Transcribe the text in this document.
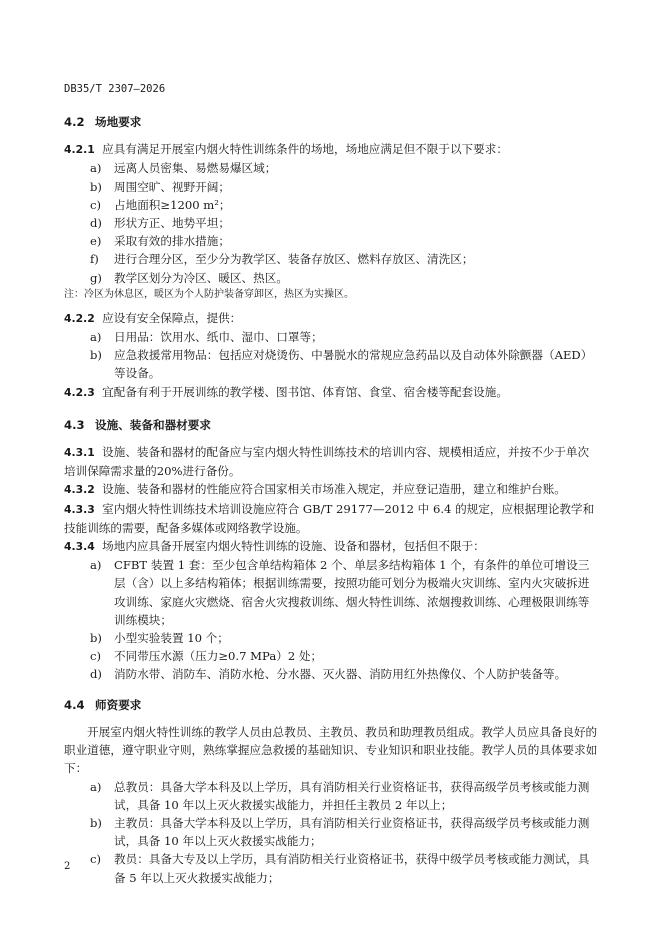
DB35/T 2307—2026
4.2 场地要求
4.2.1 应具有满足开展室内烟火特性训练条件的场地，场地应满足但不限于以下要求：
a)	远离人员密集、易燃易爆区域；
b)	周围空旷、视野开阔；
c)	占地面积≥1200 m²；
d)	形状方正、地势平坦；
e)	采取有效的排水措施；
f)	进行合理分区，至少分为教学区、装备存放区、燃料存放区、清洗区；
g)	教学区划分为冷区、暖区、热区。
注：冷区为休息区，暖区为个人防护装备穿卸区，热区为实操区。
4.2.2 应设有安全保障点，提供：
a)	日用品：饮用水、纸巾、湿巾、口罩等；
b)	应急救援常用物品：包括应对烧烫伤、中暑脱水的常规应急药品以及自动体外除颤器（AED）等设备。
4.2.3 宜配备有利于开展训练的教学楼、图书馆、体育馆、食堂、宿舍楼等配套设施。
4.3 设施、装备和器材要求
4.3.1 设施、装备和器材的配备应与室内烟火特性训练技术的培训内容、规模相适应，并按不少于单次培训保障需求量的20%进行备份。
4.3.2 设施、装备和器材的性能应符合国家相关市场准入规定，并应登记造册，建立和维护台账。
4.3.3 室内烟火特性训练技术培训设施应符合 GB/T 29177—2012 中 6.4 的规定，应根据理论教学和技能训练的需要，配备多媒体或网络教学设施。
4.3.4 场地内应具备开展室内烟火特性训练的设施、设备和器材，包括但不限于：
a)	CFBT 装置 1 套：至少包含单结构箱体 2 个、单层多结构箱体 1 个，有条件的单位可增设三层（含）以上多结构箱体；根据训练需要，按照功能可划分为极端火灾训练、室内火灾破拆进攻训练、家庭火灾燃烧、宿舍火灾搜救训练、烟火特性训练、浓烟搜救训练、心理极限训练等训练模块；
b)	小型实验装置 10 个；
c)	不同带压水源（压力≥0.7 MPa）2 处；
d)	消防水带、消防车、消防水枪、分水器、灭火器、消防用红外热像仪、个人防护装备等。
4.4 师资要求
开展室内烟火特性训练的教学人员由总教员、主教员、教员和助理教员组成。教学人员应具备良好的职业道德，遵守职业守则，熟练掌握应急救援的基础知识、专业知识和职业技能。教学人员的具体要求如下：
a)	总教员：具备大学本科及以上学历，具有消防相关行业资格证书，获得高级学员考核或能力测试，具备 10 年以上灭火救援实战能力，并担任主教员 2 年以上；
b)	主教员：具备大学本科及以上学历，具有消防相关行业资格证书，获得高级学员考核或能力测试，具备 10 年以上灭火救援实战能力；
c)	教员：具备大专及以上学历，具有消防相关行业资格证书，获得中级学员考核或能力测试，具备 5 年以上灭火救援实战能力；
2
